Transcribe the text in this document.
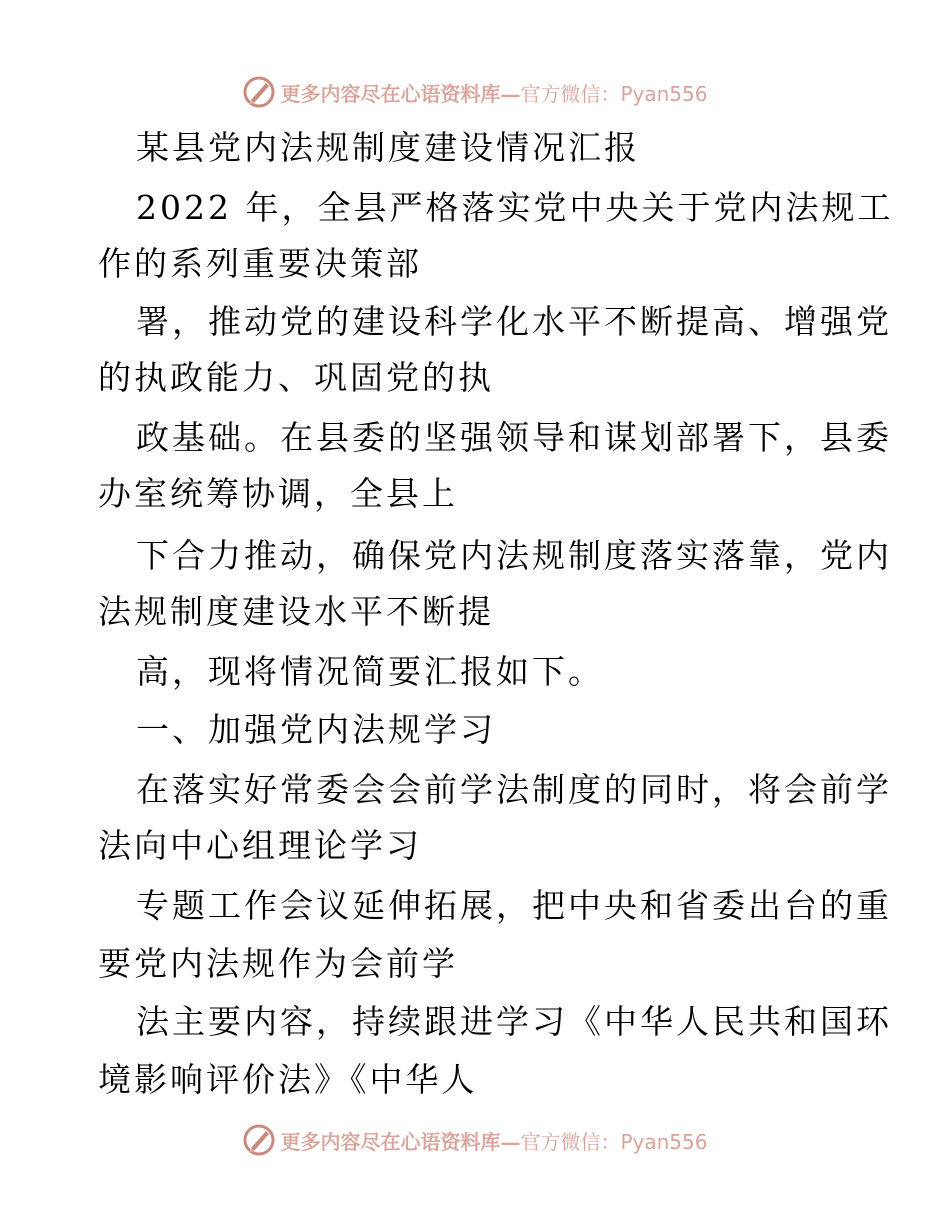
更多内容尽在心语资料库— 官方微信：Pyan556
某县党内法规制度建设情况汇报
2022 年，全县严格落实党中央关于党内法规工
作的系列重要决策部
署，推动党的建设科学化水平不断提高、增强党
的执政能力、巩固党的执
政基础。在县委的坚强领导和谋划部署下，县委
办室统筹协调，全县上
下合力推动，确保党内法规制度落实落靠，党内
法规制度建设水平不断提
高，现将情况简要汇报如下。
一、加强党内法规学习
在落实好常委会会前学法制度的同时，将会前学
法向中心组理论学习
专题工作会议延伸拓展，把中央和省委出台的重
要党内法规作为会前学
法主要内容，持续跟进学习《中华人民共和国环
境影响评价法》《中华人
更多内容尽在心语资料库— 官方微信：Pyan556
